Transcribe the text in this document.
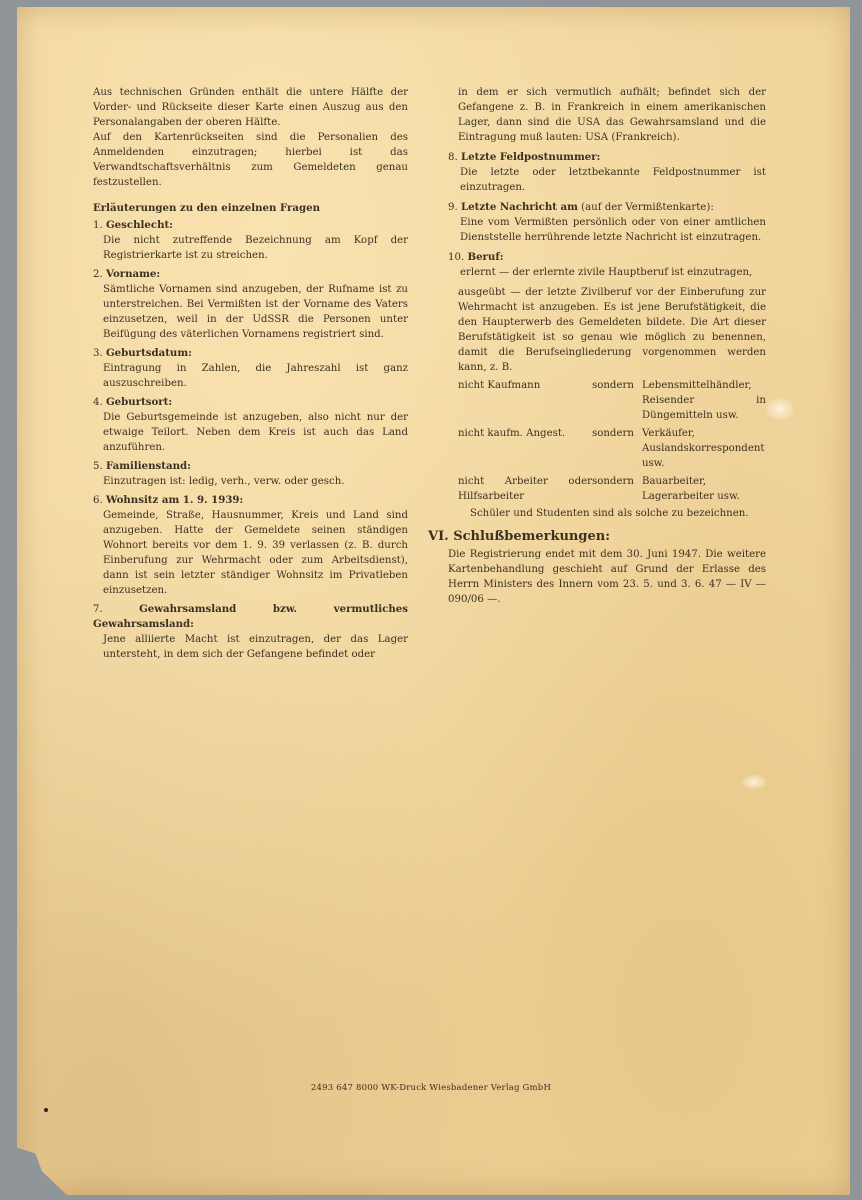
Aus technischen Gründen enthält die untere Hälfte der Vorder- und Rückseite dieser Karte einen Auszug aus den Personalangaben der oberen Hälfte.

Auf den Kartenrückseiten sind die Personalien des Anmeldenden einzutragen; hierbei ist das Verwandtschaftsverhältnis zum Gemeldeten genau festzustellen.

Erläuterungen zu den einzelnen Fragen
1. Geschlecht:
Die nicht zutreffende Bezeichnung am Kopf der Registrierkarte ist zu streichen.
2. Vorname:
Sämtliche Vornamen sind anzugeben, der Rufname ist zu unterstreichen. Bei Vermißten ist der Vorname des Vaters einzusetzen, weil in der UdSSR die Personen unter Beifügung des väterlichen Vornamens registriert sind.
3. Geburtsdatum:
Eintragung in Zahlen, die Jahreszahl ist ganz auszuschreiben.
4. Geburtsort:
Die Geburtsgemeinde ist anzugeben, also nicht nur der etwaige Teilort. Neben dem Kreis ist auch das Land anzuführen.
5. Familienstand:
Einzutragen ist: ledig, verh., verw. oder gesch.
6. Wohnsitz am 1. 9. 1939:
Gemeinde, Straße, Hausnummer, Kreis und Land sind anzugeben. Hatte der Gemeldete seinen ständigen Wohnort bereits vor dem 1. 9. 39 verlassen (z. B. durch Einberufung zur Wehrmacht oder zum Arbeitsdienst), dann ist sein letzter ständiger Wohnsitz im Privatleben einzusetzen.
7.	Gewahrsamsland bzw. vermutliches Gewahrsamsland:
Jene alliierte Macht ist einzutragen, der das Lager untersteht, in dem sich der Gefangene befindet oder

in dem er sich vermutlich aufhält; befindet sich der Gefangene z. B. in Frankreich in einem amerikanischen Lager, dann sind die USA das Gewahrsamsland und die Eintragung muß lauten: USA (Frankreich).

8. Letzte Feldpostnummer:
Die letzte oder letztbekannte Feldpostnummer ist einzutragen.
9. Letzte Nachricht am (auf der Vermißtenkarte):
Eine vom Vermißten persönlich oder von einer amtlichen Dienststelle herrührende letzte Nachricht ist einzutragen.
10. Beruf:
erlernt — der erlernte zivile Hauptberuf ist einzutragen,

ausgeübt — der letzte Zivilberuf vor der Einberufung zur Wehrmacht ist anzugeben. Es ist jene Berufstätigkeit, die den Haupterwerb des Gemeldeten bildete. Die Art dieser Berufstätigkeit ist so genau wie möglich zu benennen, damit die Berufseingliederung vorgenommen werden kann, z. B.

nicht Kaufmann	sondern Lebensmittelhändler, Reisender in Düngemitteln usw.
nicht kaufm. Angest.	sondern Verkäufer, Auslandskorrespondent usw.
nicht Arbeiter oder Hilfsarbeiter
sondern Bauarbeiter, Lagerarbeiter usw.

Schüler und Studenten sind als solche zu bezeichnen.

VI. Schlußbemerkungen:

Die Registrierung endet mit dem 30. Juni 1947. Die weitere Kartenbehandlung geschieht auf Grund der Erlasse des Herrn Ministers des Innern vom 23. 5. und 3. 6. 47 — IV — 090/06 —.

2493 647 8000 WK-Druck Wiesbadener Verlag GmbH
